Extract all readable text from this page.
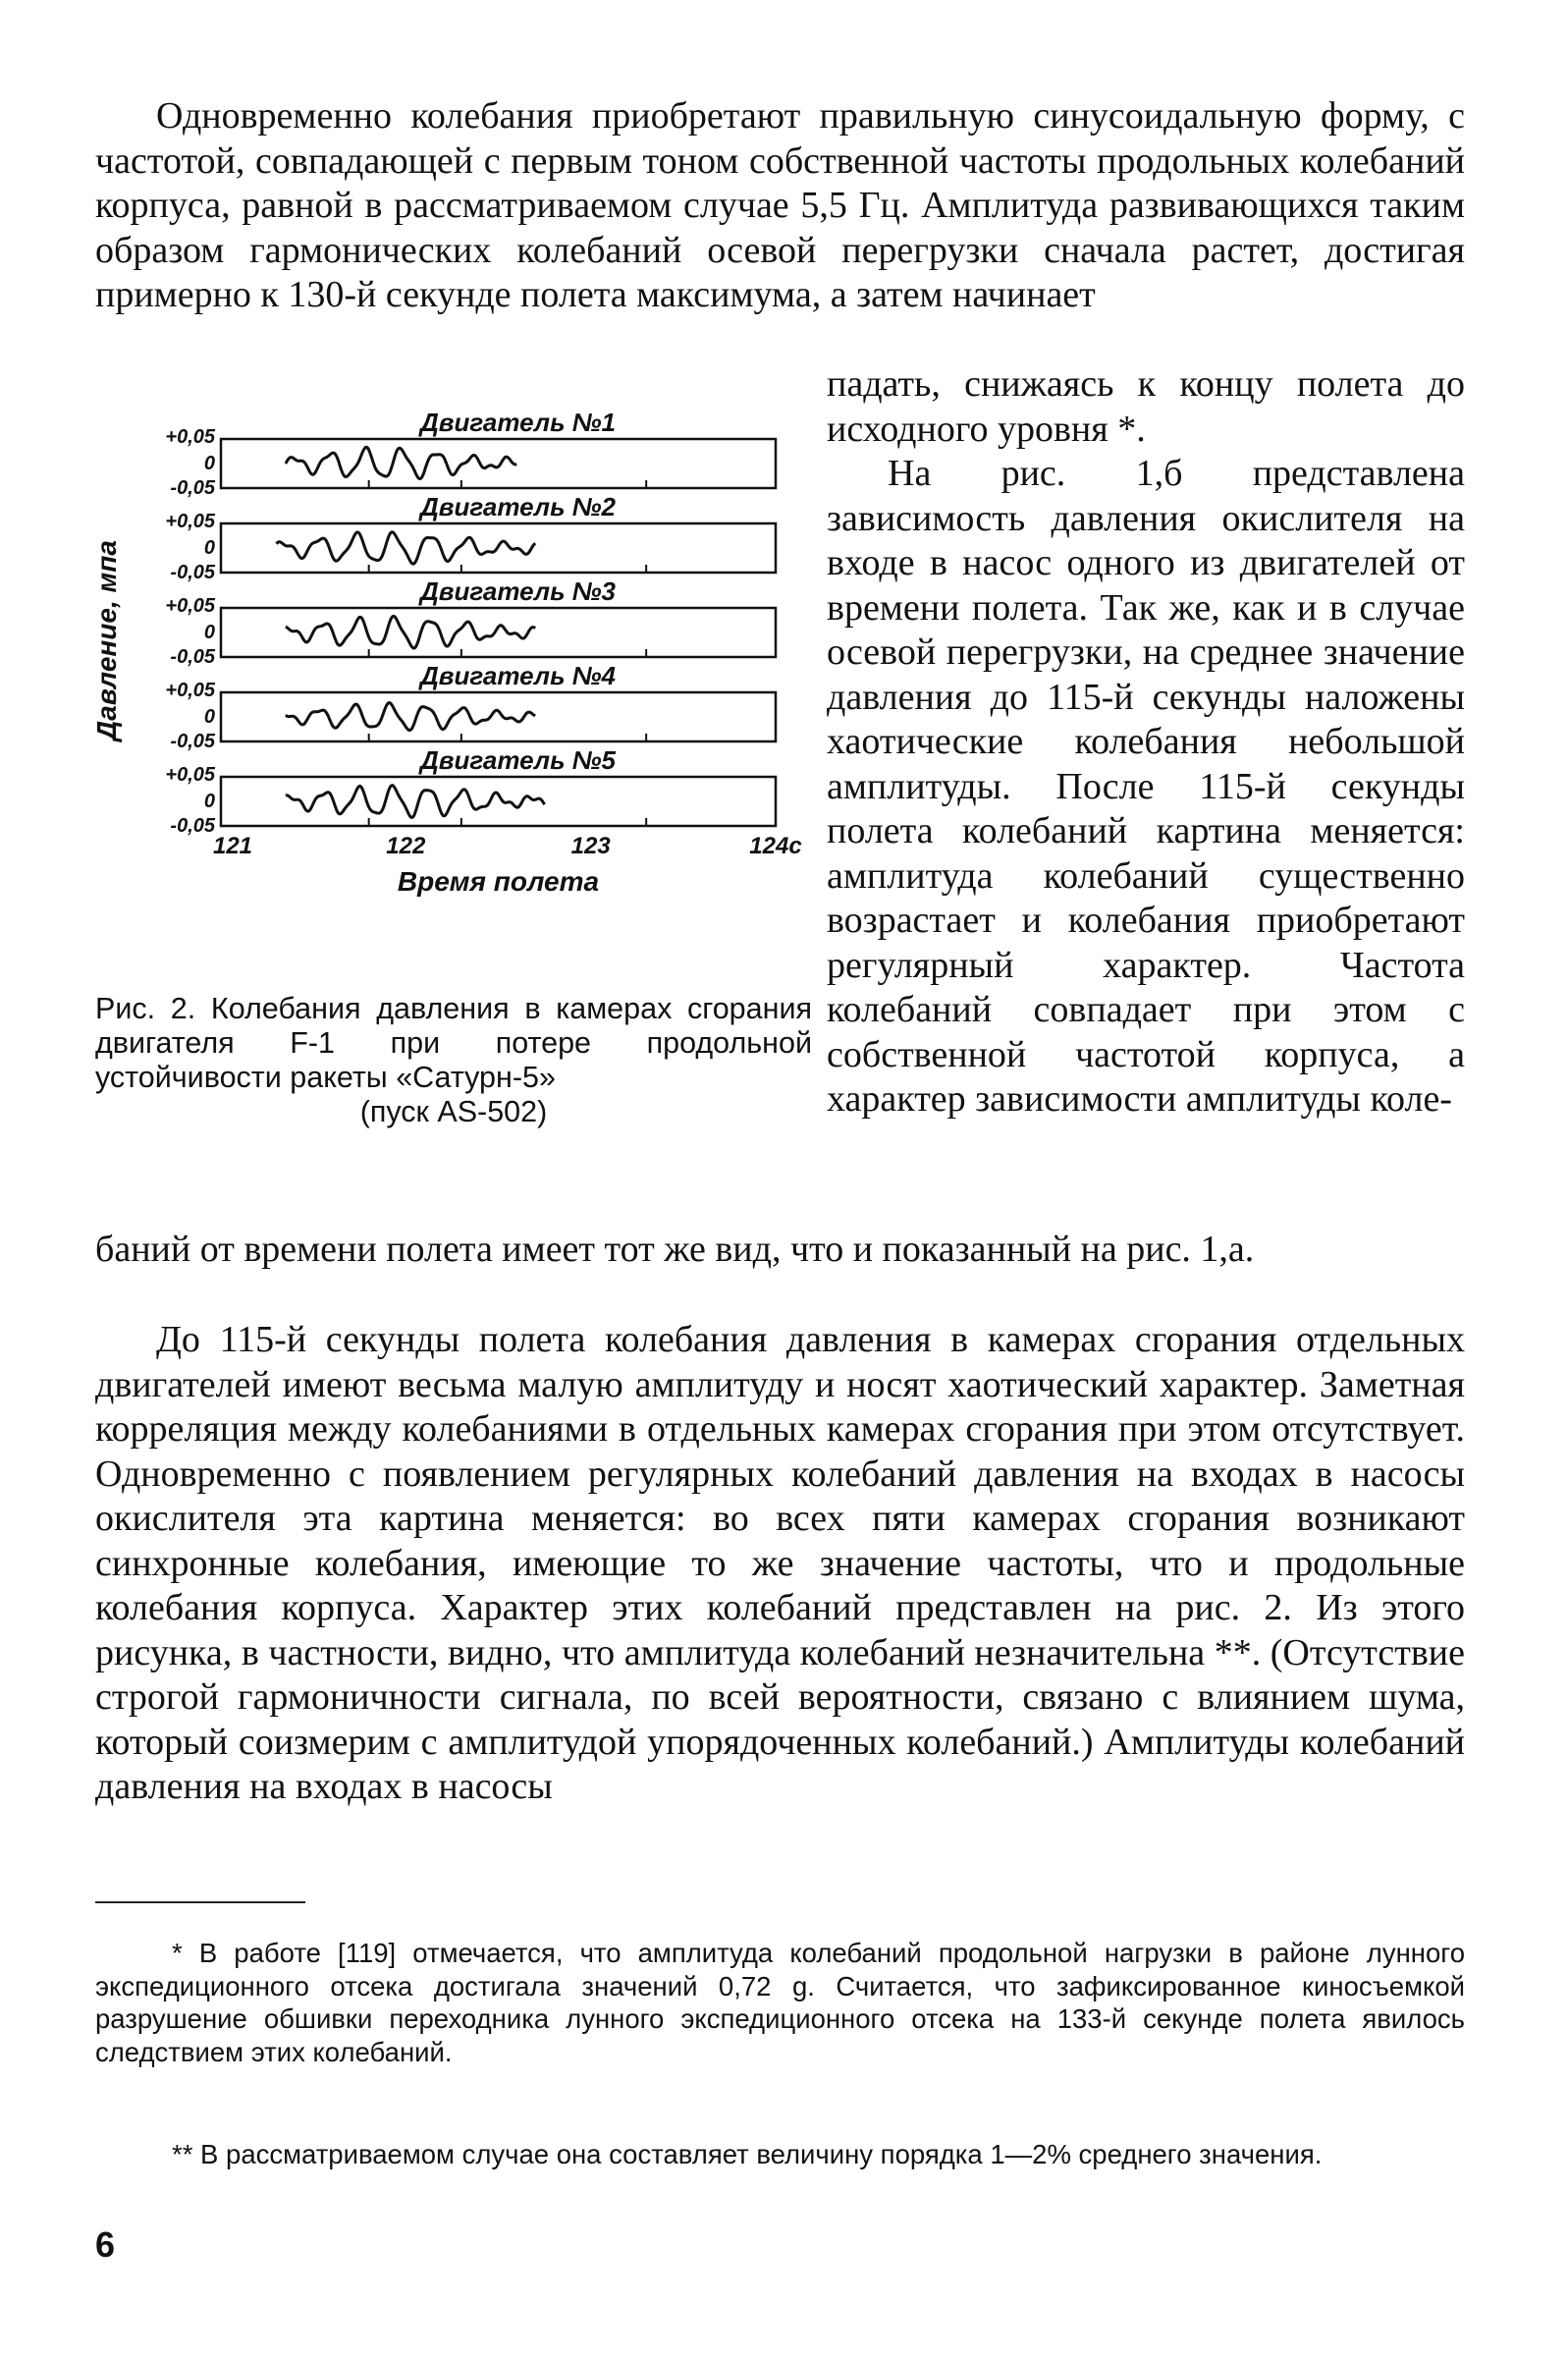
Одновременно колебания приобретают правильную синусоидальную форму, с частотой, совпадающей с первым тоном собственной частоты продольных колебаний корпуса, равной в рассматриваемом случае 5,5 Гц. Амплитуда развивающихся таким образом гармонических колебаний осевой перегрузки сначала растет, достигая примерно к 130-й секунде полета максимума, а затем начинает

Двигатель №1
+0,05
0
-0,05
Двигатель №2
+0,05
0
-0,05
Двигатель №3
+0,05
0
-0,05
Двигатель №4
+0,05
0
-0,05
Двигатель №5
+0,05
0
-0,05
121	122	123	124с
Время полета
Давление, мпа

Рис. 2. Колебания давления в камерах сгорания двигателя F-1 при потере продольной устойчивости ракеты «Сатурн-5»
(пуск AS-502)

падать, снижаясь к концу полета до исходного уровня *.
На рис. 1,б представлена зависимость давления окислителя на входе в насос одного из двигателей от времени полета. Так же, как и в случае осевой перегрузки, на среднее значение давления до 115-й секунды наложены хаотические колебания небольшой амплитуды. После 115-й секунды полета колебаний картина меняется: амплитуда колебаний существенно возрастает и колебания приобретают регулярный характер. Частота колебаний совпадает при этом с собственной частотой корпуса, а характер зависимости амплитуды коле-

баний от времени полета имеет тот же вид, что и показанный на рис. 1,а.

До 115-й секунды полета колебания давления в камерах сгорания отдельных двигателей имеют весьма малую амплитуду и носят хаотический характер. Заметная корреляция между колебаниями в отдельных камерах сгорания при этом отсутствует. Одновременно с появлением регулярных колебаний давления на входах в насосы окислителя эта картина меняется: во всех пяти камерах сгорания возникают синхронные колебания, имеющие то же значение частоты, что и продольные колебания корпуса. Характер этих колебаний представлен на рис. 2. Из этого рисунка, в частности, видно, что амплитуда колебаний незначительна **. (Отсутствие строгой гармоничности сигнала, по всей вероятности, связано с влиянием шума, который соизмерим с амплитудой упорядоченных колебаний.) Амплитуды колебаний давления на входах в насосы

* В работе [119] отмечается, что амплитуда колебаний продольной нагрузки в районе лунного экспедиционного отсека достигала значений 0,72 g. Считается, что зафиксированное киносъемкой разрушение обшивки переходника лунного экспедиционного отсека на 133-й секунде полета явилось следствием этих колебаний.

** В рассматриваемом случае она составляет величину порядка 1—2% среднего значения.

6
